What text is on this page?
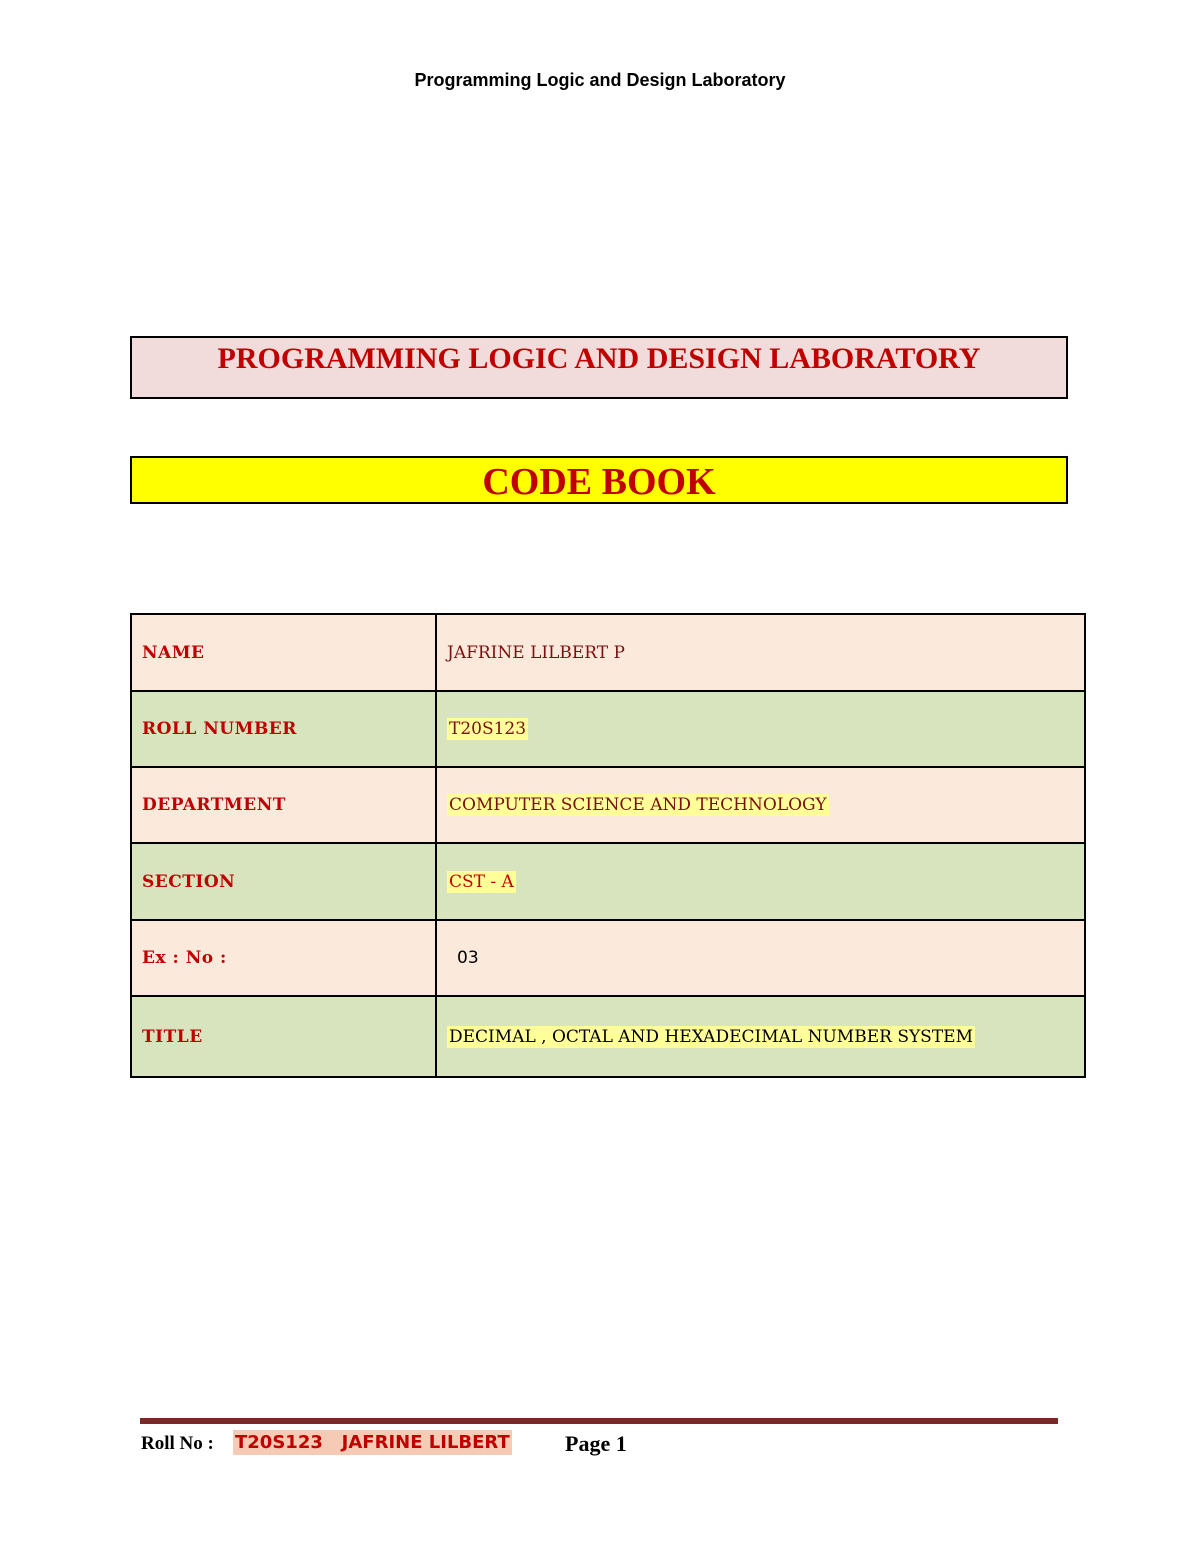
Programming Logic and Design Laboratory
PROGRAMMING LOGIC AND DESIGN LABORATORY
CODE BOOK
NAME	JAFRINE LILBERT P
ROLL NUMBER	T20S123
DEPARTMENT	COMPUTER SCIENCE AND TECHNOLOGY
SECTION	CST - A
Ex : No :	03
TITLE	DECIMAL , OCTAL AND HEXADECIMAL NUMBER SYSTEM
Roll No : T20S123   JAFRINE LILBERT	Page 1
